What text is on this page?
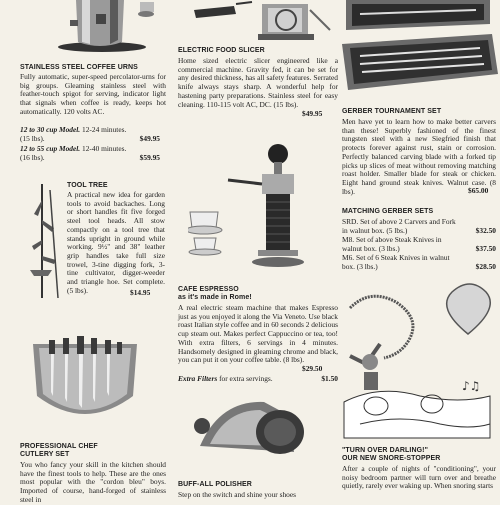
STAINLESS STEEL COFFEE URNS

Fully automatic, super-speed percolator-urns for big groups. Gleaming stainless steel with feather-touch spigot for serving, indicator light that signals when coffee is ready, keeps hot automatically. 120 volts AC.

12 to 30 cup Model. 12-24 minutes.
(15 lbs).	$49.95
12 to 55 cup Model. 12-40 minutes.
(16 lbs).	$59.95
TOOL TREE

A practical new idea for garden tools to avoid backaches. Long or short handles fit five forged steel tool heads. All stow compactly on a tool tree that stands upright in ground while working. 9½" and 38" leather grip handles take full size trowel, 3-tine digging fork, 3-tine cultivator, digger-weeder and triangle hoe. Set complete. (5 lbs).	$14.95
PROFESSIONAL CHEF
CUTLERY SET

You who fancy your skill in the kitchen should have the finest tools to help. These are the ones most popular with the "cordon bleu" boys. Imported of course, hand-forged of stainless steel in

ELECTRIC FOOD SLICER

Home sized electric slicer engineered like a commercial machine. Gravity fed, it can be set for any desired thickness, has all safety features. Serrated knife always stays sharp. A wonderful help for hastening party preparations. Stainless steel for easy cleaning. 110-115 volt AC, DC. (15 lbs).

$49.95
CAFE ESPRESSO
as it's made in Rome!

A real electric steam machine that makes Espresso just as you enjoyed it along the Via Veneto. Use black roast Italian style coffee and in 60 seconds 2 delicious cup steam out. Makes perfect Cappuccino or tea, too! With extra filters, 6 servings in 4 minutes. Handsomely designed in gleaming chrome and black, you can put it on your coffee table. (8 lbs).

$29.50
Extra Filters for extra servings.	$1.50
BUFF-ALL POLISHER

Step on the switch and shine your shoes

GERBER TOURNAMENT SET

Men have yet to learn how to make better carvers than these! Superbly fashioned of the finest tungsten steel with a new Siegfried finish that protects forever against rust, stain or corrosion. Perfectly balanced carving blade with a forked tip picks up slices of meat without removing matching roast holder. Smaller blade for steak or chicken. Eight hand ground steak knives. Walnut case. (8 lbs).	$65.00
MATCHING GERBER SETS
SRD. Set of above 2 Carvers and Fork in walnut box. (5 lbs.)	$32.50
M8. Set of above Steak Knives in walnut box. (3 lbs.)	$37.50
M6. Set of 6 Steak Knives in walnut box. (3 lbs.)	$28.50
♪♫
"TURN OVER DARLING!"
OUR NEW SNORE-STOPPER

After a couple of nights of "conditioning", your noisy bedroom partner will turn over and breathe quietly, rarely ever waking up. When snoring starts
